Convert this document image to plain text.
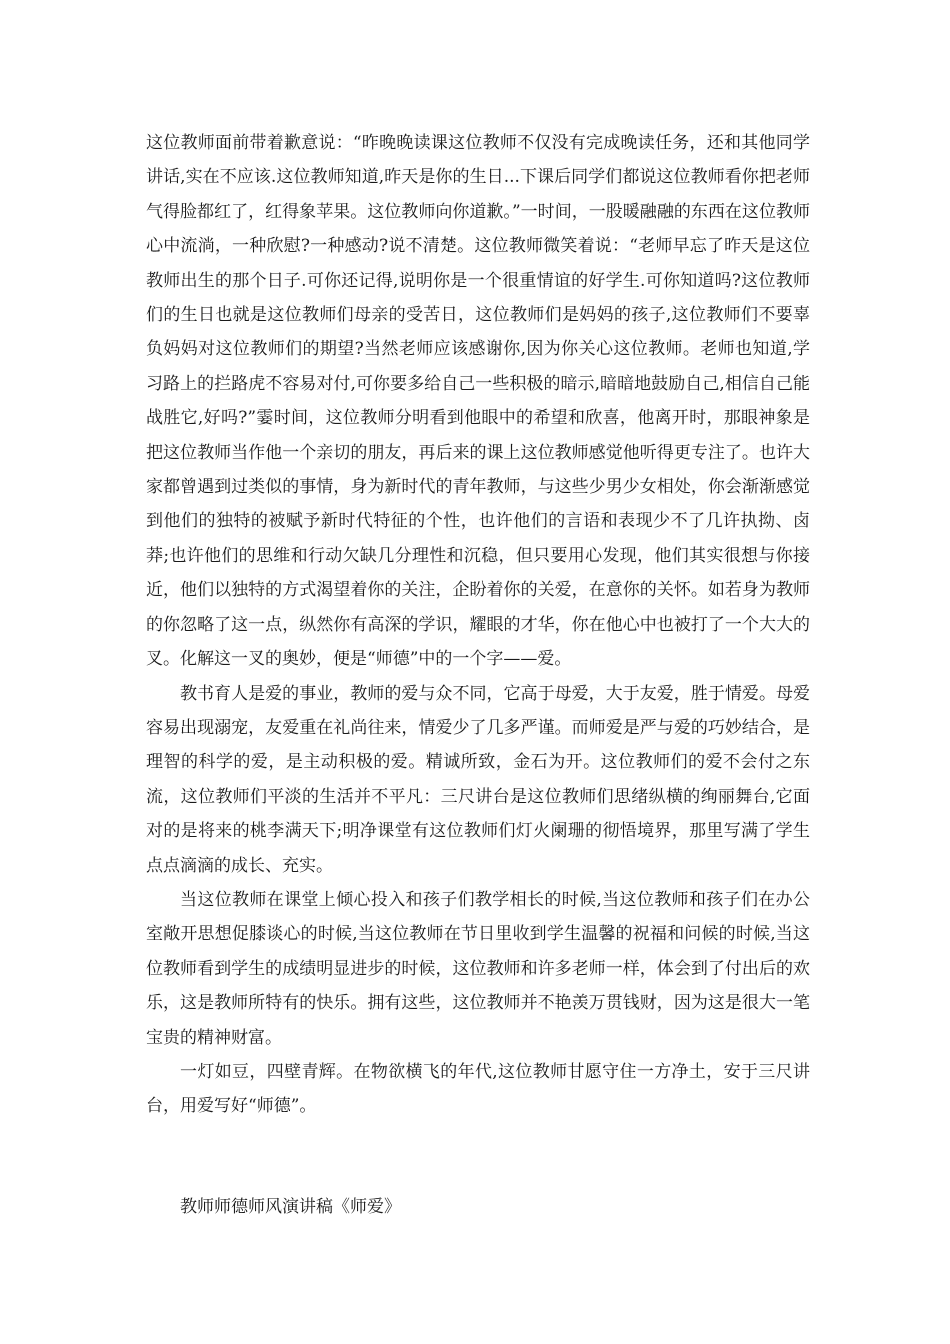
这位教师面前带着歉意说：“昨晚晚读课这位教师不仅没有完成晚读任务，还和其他同学讲话,实在不应该.这位教师知道,昨天是你的生日...下课后同学们都说这位教师看你把老师气得脸都红了，红得象苹果。这位教师向你道歉。”一时间，一股暖融融的东西在这位教师心中流淌，一种欣慰?一种感动?说不清楚。这位教师微笑着说：“老师早忘了昨天是这位教师出生的那个日子.可你还记得,说明你是一个很重情谊的好学生.可你知道吗?这位教师们的生日也就是这位教师们母亲的受苦日，这位教师们是妈妈的孩子,这位教师们不要辜负妈妈对这位教师们的期望?当然老师应该感谢你,因为你关心这位教师。老师也知道,学习路上的拦路虎不容易对付,可你要多给自己一些积极的暗示,暗暗地鼓励自己,相信自己能战胜它,好吗?”霎时间，这位教师分明看到他眼中的希望和欣喜，他离开时，那眼神象是把这位教师当作他一个亲切的朋友，再后来的课上这位教师感觉他听得更专注了。也许大家都曾遇到过类似的事情，身为新时代的青年教师，与这些少男少女相处，你会渐渐感觉到他们的独特的被赋予新时代特征的个性，也许他们的言语和表现少不了几许执拗、卤莽;也许他们的思维和行动欠缺几分理性和沉稳，但只要用心发现，他们其实很想与你接近，他们以独特的方式渴望着你的关注，企盼着你的关爱，在意你的关怀。如若身为教师的你忽略了这一点，纵然你有高深的学识，耀眼的才华，你在他心中也被打了一个大大的叉。化解这一叉的奥妙，便是“师德”中的一个字——爱。

教书育人是爱的事业，教师的爱与众不同，它高于母爱，大于友爱，胜于情爱。母爱容易出现溺宠，友爱重在礼尚往来，情爱少了几多严谨。而师爱是严与爱的巧妙结合，是理智的科学的爱，是主动积极的爱。精诚所致，金石为开。这位教师们的爱不会付之东流，这位教师们平淡的生活并不平凡：三尺讲台是这位教师们思绪纵横的绚丽舞台,它面对的是将来的桃李满天下;明净课堂有这位教师们灯火阑珊的彻悟境界，那里写满了学生点点滴滴的成长、充实。

当这位教师在课堂上倾心投入和孩子们教学相长的时候,当这位教师和孩子们在办公室敞开思想促膝谈心的时候,当这位教师在节日里收到学生温馨的祝福和问候的时候,当这位教师看到学生的成绩明显进步的时候，这位教师和许多老师一样，体会到了付出后的欢乐，这是教师所特有的快乐。拥有这些，这位教师并不艳羡万贯钱财，因为这是很大一笔宝贵的精神财富。

一灯如豆，四壁青辉。在物欲横飞的年代,这位教师甘愿守住一方净土，安于三尺讲台，用爱写好“师德”。

教师师德师风演讲稿《师爱》
